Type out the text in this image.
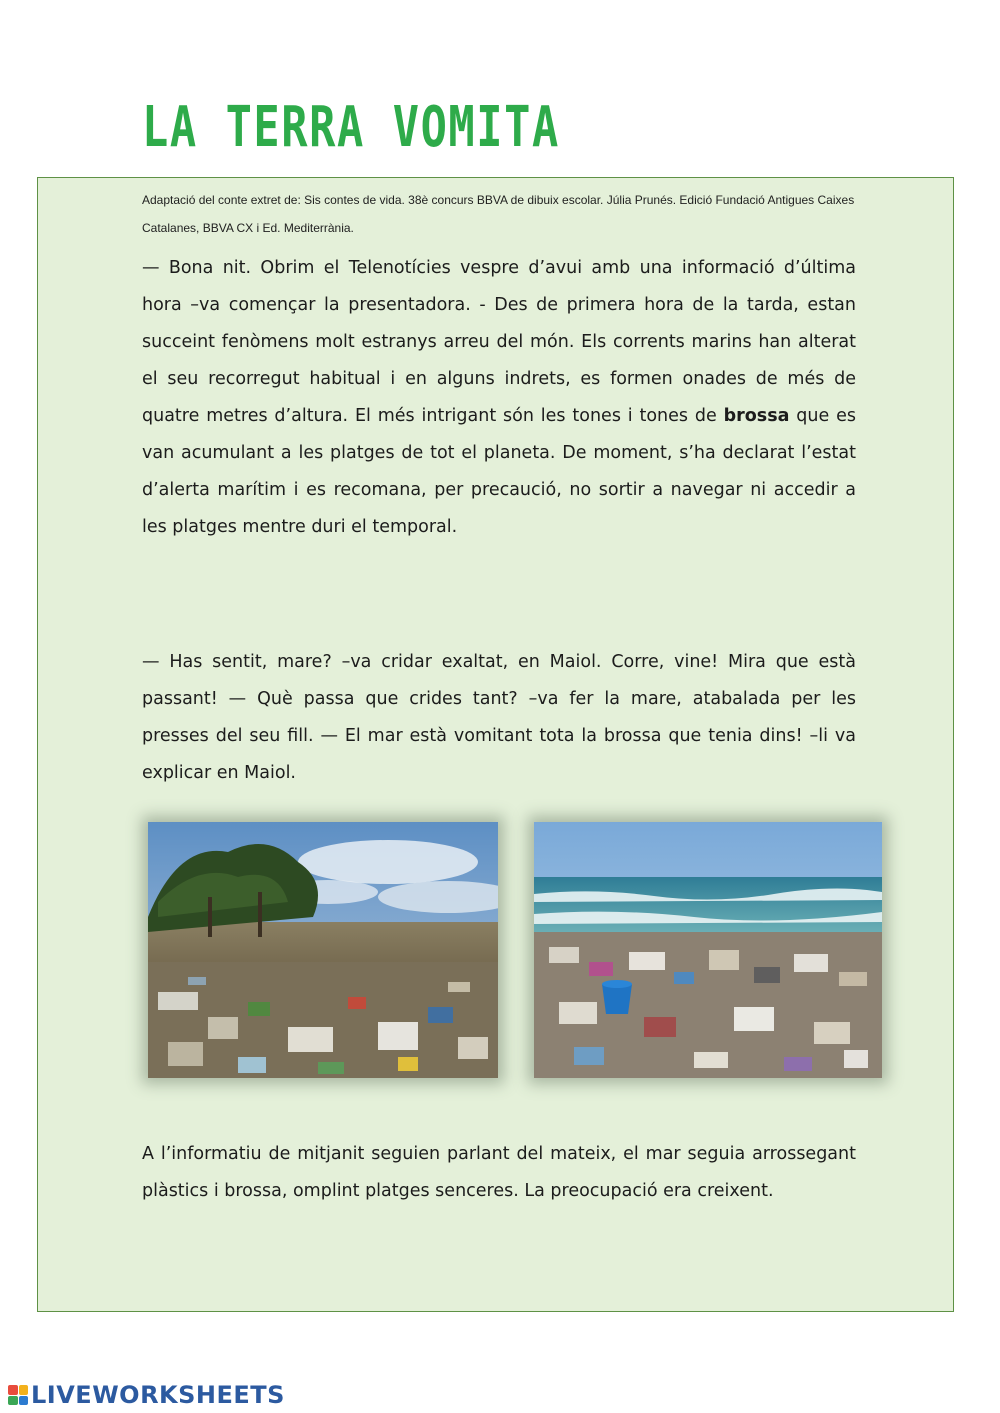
LA TERRA VOMITA
Adaptació del conte extret de: Sis contes de vida. 38è concurs BBVA de dibuix escolar. Júlia Prunés. Edició Fundació Antigues Caixes Catalanes, BBVA CX i Ed. Mediterrània.
— Bona nit. Obrim el Telenotícies vespre d’avui amb una informació d’última hora –va començar la presentadora. - Des de primera hora de la tarda, estan succeint fenòmens molt estranys arreu del món. Els corrents marins han alterat el seu recorregut habitual i en alguns indrets, es formen onades de més de quatre metres d’altura. El més intrigant són les tones i tones de brossa que es van acumulant a les platges de tot el planeta. De moment, s’ha declarat l’estat d’alerta marítim i es recomana, per precaució, no sortir a navegar ni accedir a les platges mentre duri el temporal.
— Has sentit, mare? –va cridar exaltat, en Maiol. Corre, vine! Mira que està passant! — Què passa que crides tant? –va fer la mare, atabalada per les presses del seu fill. — El mar està vomitant tota la brossa que tenia dins! –li va explicar en Maiol.
A l’informatiu de mitjanit seguien parlant del mateix, el mar seguia arrossegant plàstics i brossa, omplint platges senceres. La preocupació era creixent.
LIVEWORKSHEETS
